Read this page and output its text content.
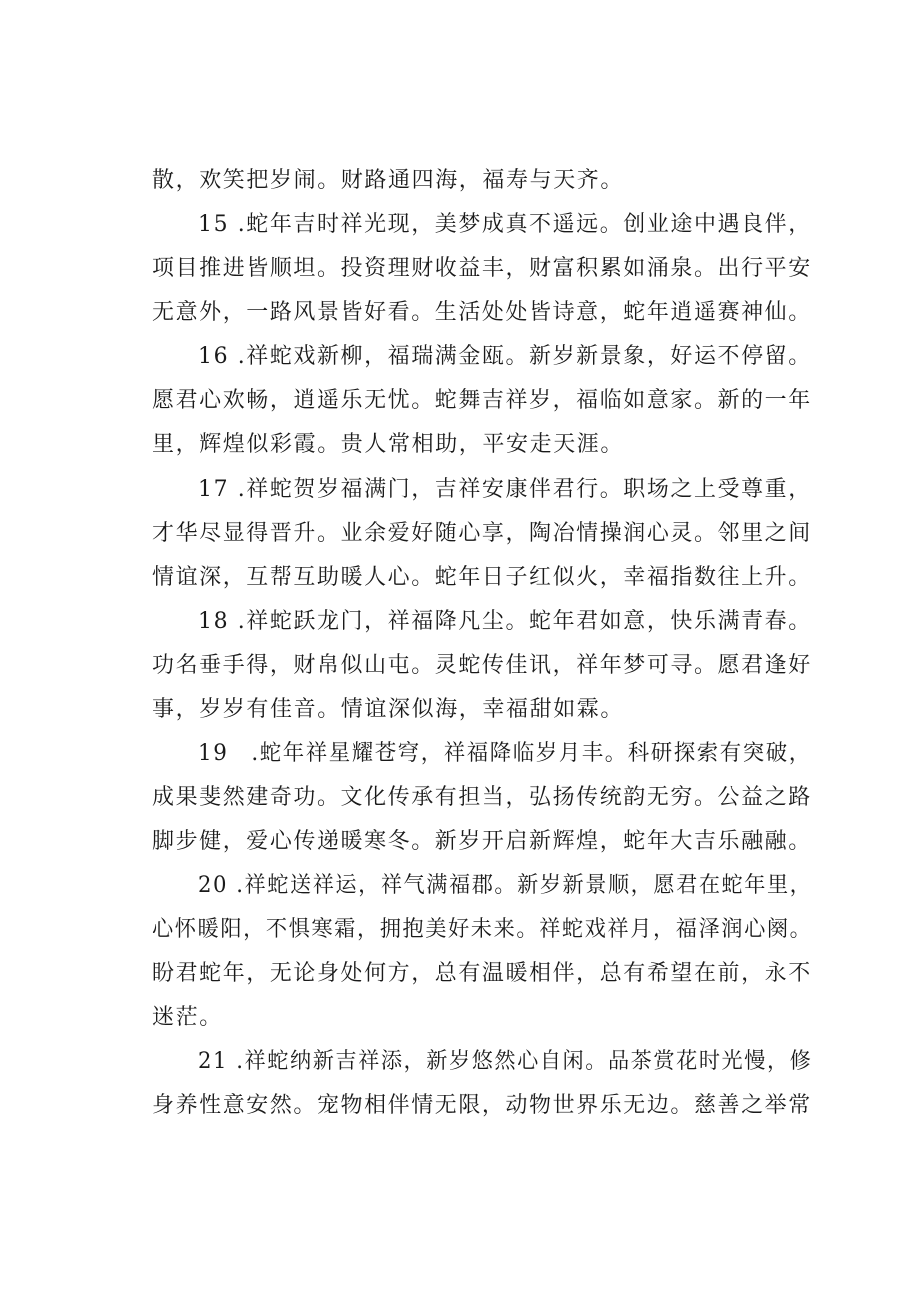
散，欢笑把岁闹。财路通四海，福寿与天齐。
15 .蛇年吉时祥光现，美梦成真不遥远。创业途中遇良伴，
项目推进皆顺坦。投资理财收益丰，财富积累如涌泉。出行平安
无意外，一路风景皆好看。生活处处皆诗意，蛇年逍遥赛神仙。
16 .祥蛇戏新柳，福瑞满金瓯。新岁新景象，好运不停留。
愿君心欢畅，逍遥乐无忧。蛇舞吉祥岁，福临如意家。新的一年
里，辉煌似彩霞。贵人常相助，平安走天涯。
17 .祥蛇贺岁福满门，吉祥安康伴君行。职场之上受尊重，
才华尽显得晋升。业余爱好随心享，陶冶情操润心灵。邻里之间
情谊深，互帮互助暖人心。蛇年日子红似火，幸福指数往上升。
18 .祥蛇跃龙门，祥福降凡尘。蛇年君如意，快乐满青春。
功名垂手得，财帛似山屯。灵蛇传佳讯，祥年梦可寻。愿君逢好
事，岁岁有佳音。情谊深似海，幸福甜如霖。
19　.蛇年祥星耀苍穹，祥福降临岁月丰。科研探索有突破，
成果斐然建奇功。文化传承有担当，弘扬传统韵无穷。公益之路
脚步健，爱心传递暖寒冬。新岁开启新辉煌，蛇年大吉乐融融。
20 .祥蛇送祥运，祥气满福郡。新岁新景顺，愿君在蛇年里，
心怀暖阳，不惧寒霜，拥抱美好未来。祥蛇戏祥月，福泽润心阕。
盼君蛇年，无论身处何方，总有温暖相伴，总有希望在前，永不
迷茫。
21 .祥蛇纳新吉祥添，新岁悠然心自闲。品茶赏花时光慢，修
身养性意安然。宠物相伴情无限，动物世界乐无边。慈善之举常
